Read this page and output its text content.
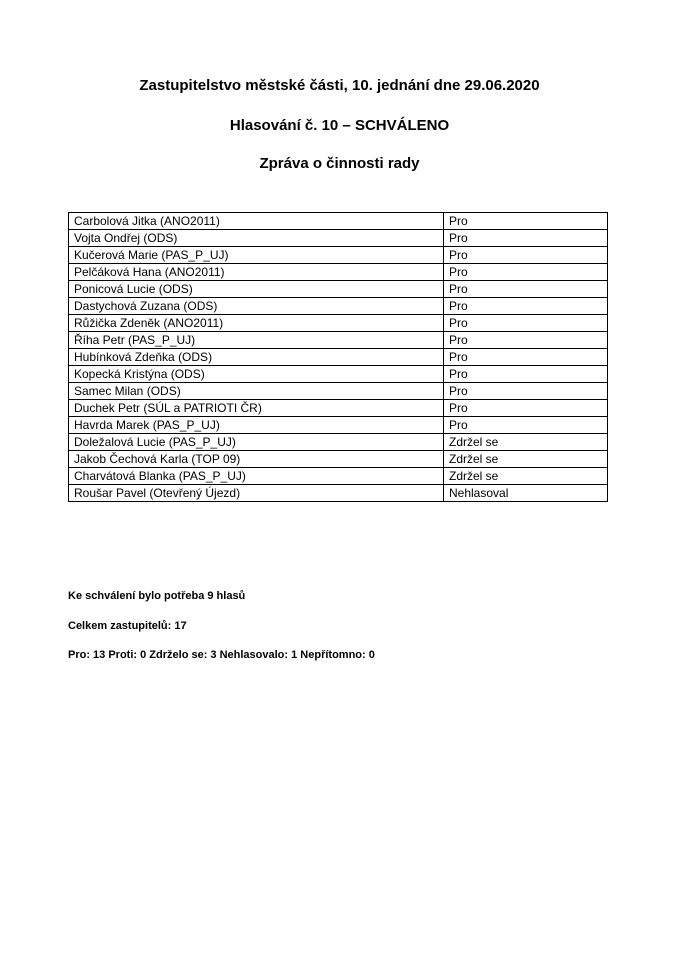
Zastupitelstvo městské části, 10. jednání dne 29.06.2020
Hlasování č. 10 – SCHVÁLENO
Zpráva o činnosti rady
Carbolová Jitka (ANO2011)	Pro
Vojta Ondřej (ODS)	Pro
Kučerová Marie (PAS_P_UJ)	Pro
Pelčáková Hana (ANO2011)	Pro
Ponicová Lucie (ODS)	Pro
Dastychová Zuzana (ODS)	Pro
Růžička Zdeněk (ANO2011)	Pro
Říha Petr (PAS_P_UJ)	Pro
Hubínková Zdeňka (ODS)	Pro
Kopecká Kristýna (ODS)	Pro
Samec Milan (ODS)	Pro
Duchek Petr (SÚL a PATRIOTI ČR)	Pro
Havrda Marek (PAS_P_UJ)	Pro
Doležalová Lucie (PAS_P_UJ)	Zdržel se
Jakob Čechová Karla (TOP 09)	Zdržel se
Charvátová Blanka (PAS_P_UJ)	Zdržel se
Roušar Pavel (Otevřený Újezd)	Nehlasoval
Ke schválení bylo potřeba 9 hlasů
Celkem zastupitelů: 17
Pro: 13 Proti: 0 Zdrželo se: 3 Nehlasovalo: 1 Nepřítomno: 0
